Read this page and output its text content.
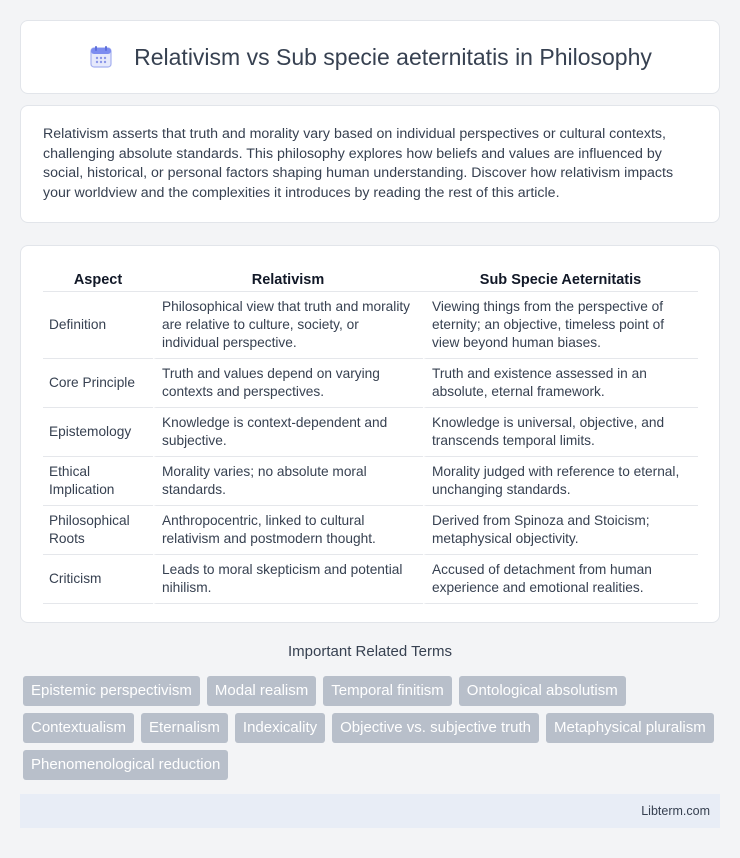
Relativism vs Sub specie aeternitatis in Philosophy

Relativism asserts that truth and morality vary based on individual perspectives or cultural contexts, challenging absolute standards. This philosophy explores how beliefs and values are influenced by social, historical, or personal factors shaping human understanding. Discover how relativism impacts your worldview and the complexities it introduces by reading the rest of this article.

Aspect	Relativism	Sub Specie Aeternitatis
Definition	Philosophical view that truth and morality are relative to culture, society, or individual perspective.	Viewing things from the perspective of eternity; an objective, timeless point of view beyond human biases.
Core Principle	Truth and values depend on varying contexts and perspectives.	Truth and existence assessed in an absolute, eternal framework.
Epistemology	Knowledge is context-dependent and subjective.	Knowledge is universal, objective, and transcends temporal limits.
Ethical Implication	Morality varies; no absolute moral standards.	Morality judged with reference to eternal, unchanging standards.
Philosophical Roots	Anthropocentric, linked to cultural relativism and postmodern thought.	Derived from Spinoza and Stoicism; metaphysical objectivity.
Criticism	Leads to moral skepticism and potential nihilism.	Accused of detachment from human experience and emotional realities.
Important Related Terms
Epistemic perspectivism	Modal realism	Temporal finitism	Ontological absolutism
Contextualism	Eternalism	Indexicality	Objective vs. subjective truth	Metaphysical pluralism
Phenomenological reduction
Libterm.com
